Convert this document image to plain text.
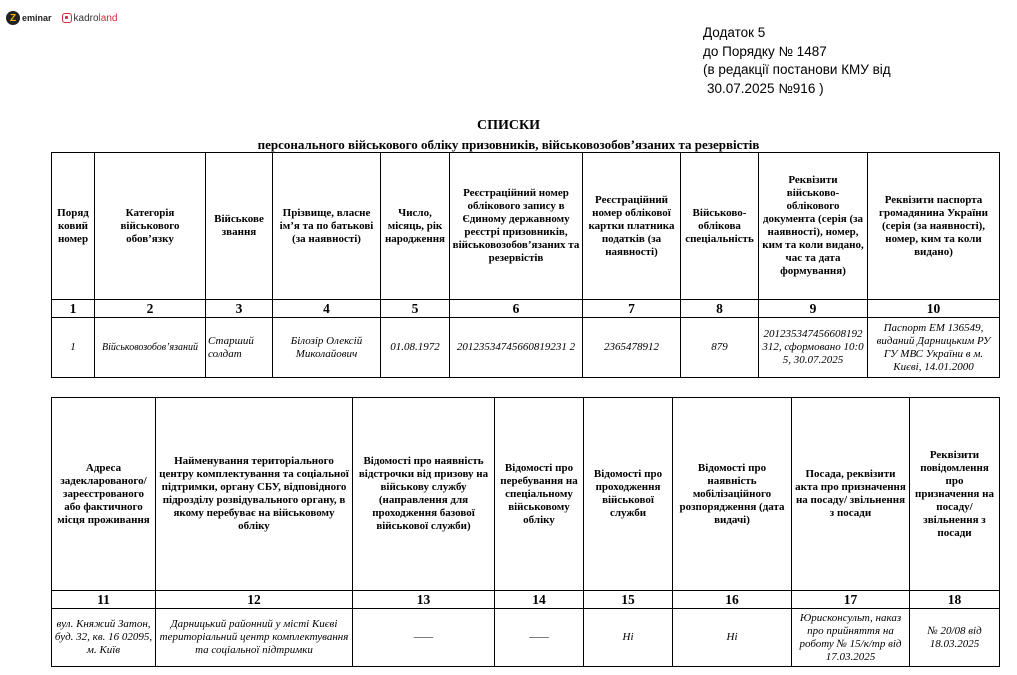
Z eminar kadroland
Додаток 5
до Порядку № 1487
(в редакції постанови КМУ від
30.07.2025 №916 )
СПИСКИ
персонального військового обліку призовників, військовозобов’язаних та резервістів
Поряд ковий номер	Категорія військового обов’язку	Військове звання	Прізвище, власне ім’я та по батькові (за наявності)	Число, місяць, рік народження	Реєстраційний номер облікового запису в Єдиному державному реєстрі призовників, військовозобов’язаних та резервістів	Реєстраційний номер облікової картки платника податків (за наявності)	Військово-облікова спеціальність	Реквізити військово-облікового документа (серія (за наявності), номер, ким та коли видано, час та дата формування)	Реквізити паспорта громадянина України (серія (за наявності), номер, ким та коли видано)
1	2	3	4	5	6	7	8	9	10
1	Військовозобов’язаний	Старший солдат	Білозір Олексій Миколайович	01.08.1972	20123534745660819231 2	2365478912	879	201235347456608192312, сформовано 10:05, 30.07.2025	Паспорт ЕМ 136549, виданий Дарницьким РУ ГУ МВС України в м. Києві, 14.01.2000
Адреса задекларованого/ зареєстрованого або фактичного місця проживання	Найменування територіального центру комплектування та соціальної підтримки, органу СБУ, відповідного підрозділу розвідувального органу, в якому перебуває на військовому обліку	Відомості про наявність відстрочки від призову на військову службу (направлення для проходження базової військової служби)	Відомості про перебування на спеціальному військовому обліку	Відомості про проходження військової служби	Відомості про наявність мобілізаційного розпорядження (дата видачі)	Посада, реквізити акта про призначення на посаду/ звільнення з посади	Реквізити повідомлення про призначення на посаду/ звільнення з посади
11	12	13	14	15	16	17	18
вул. Княжий Затон, буд. 32, кв. 16 02095, м. Київ	Дарницький районний у місті Києві територіальний центр комплектування та соціальної підтримки	——	——	Ні	Ні	Юрисконсульт, наказ про прийняття на роботу № 15/к/тр від 17.03.2025	№ 20/08 від 18.03.2025
